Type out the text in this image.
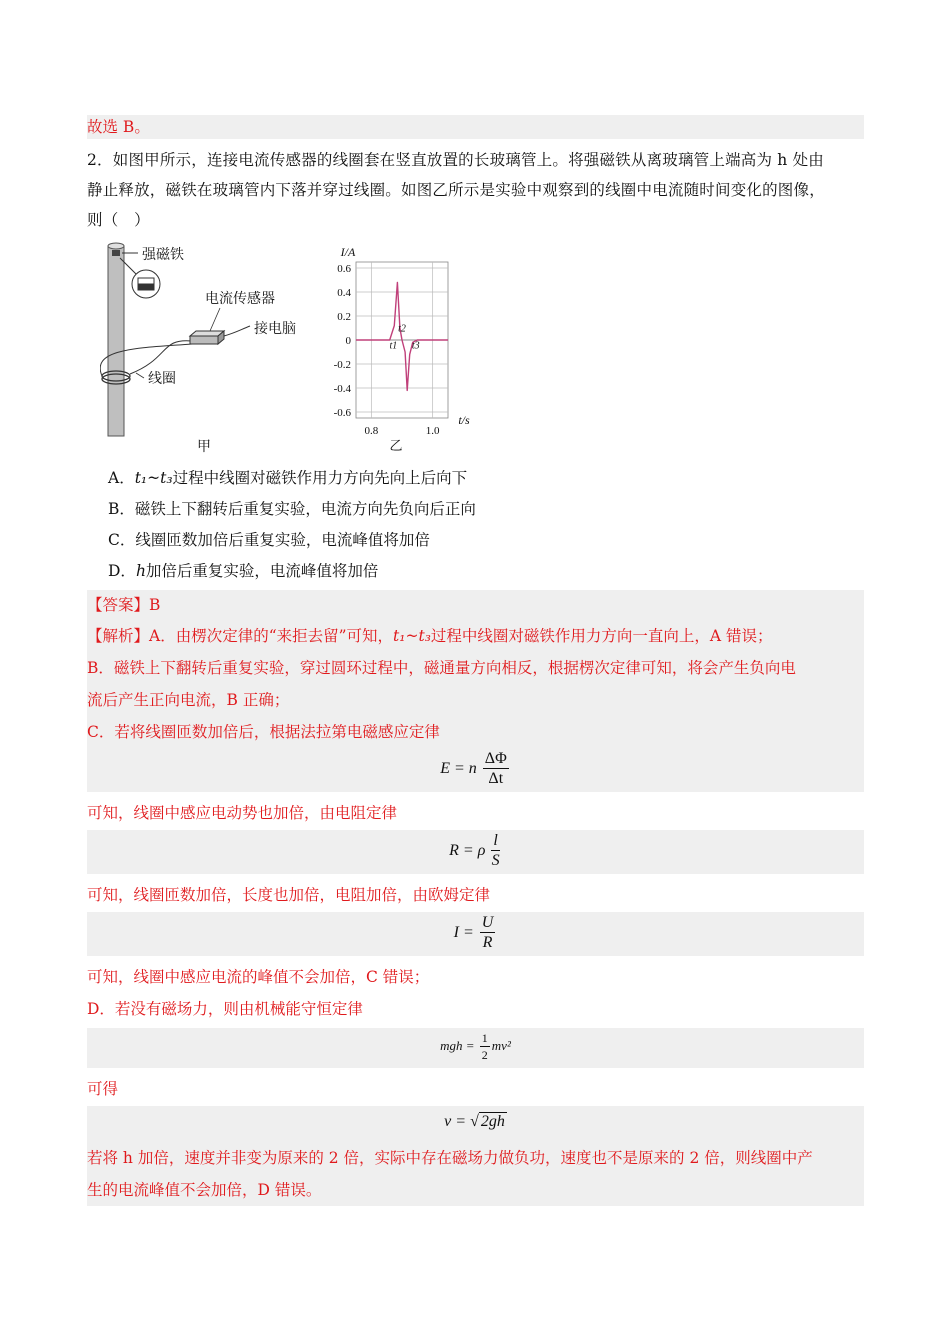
故选 B。
2．如图甲所示，连接电流传感器的线圈套在竖直放置的长玻璃管上。将强磁铁从离玻璃管上端高为 h 处由
静止释放，磁铁在玻璃管内下落并穿过线圈。如图乙所示是实验中观察到的线圈中电流随时间变化的图像，
则（　）
强磁铁
电流传感器
接电脑
线圈
甲
0.6
0.4
0.2
0
-0.2
-0.4
-0.6
0.8	1.0
I/A
t/s
t1
t2
t3
乙
A．t₁~t₃过程中线圈对磁铁作用力方向先向上后向下
B．磁铁上下翻转后重复实验，电流方向先负向后正向
C．线圈匝数加倍后重复实验，电流峰值将加倍
D．h加倍后重复实验，电流峰值将加倍
【答案】B
【解析】A．由楞次定律的“来拒去留”可知，t₁~t₃过程中线圈对磁铁作用力方向一直向上，A 错误；
B．磁铁上下翻转后重复实验，穿过圆环过程中，磁通量方向相反，根据楞次定律可知，将会产生负向电
流后产生正向电流，B 正确；
C．若将线圈匝数加倍后，根据法拉第电磁感应定律
E = n $\frac{\Delta\Phi}{\Delta t}$
可知，线圈中感应电动势也加倍，由电阻定律
R = ρ $\frac{l}{S}$
可知，线圈匝数加倍，长度也加倍，电阻加倍，由欧姆定律
$I = \frac{U}{R}$
可知，线圈中感应电流的峰值不会加倍，C 错误；
D．若没有磁场力，则由机械能守恒定律
mgh = $\frac{1}{2} mv^2$
可得
v = √ 2gh
若将 h 加倍，速度并非变为原来的 2 倍，实际中存在磁场力做负功，速度也不是原来的 2 倍，则线圈中产
生的电流峰值不会加倍，D 错误。
